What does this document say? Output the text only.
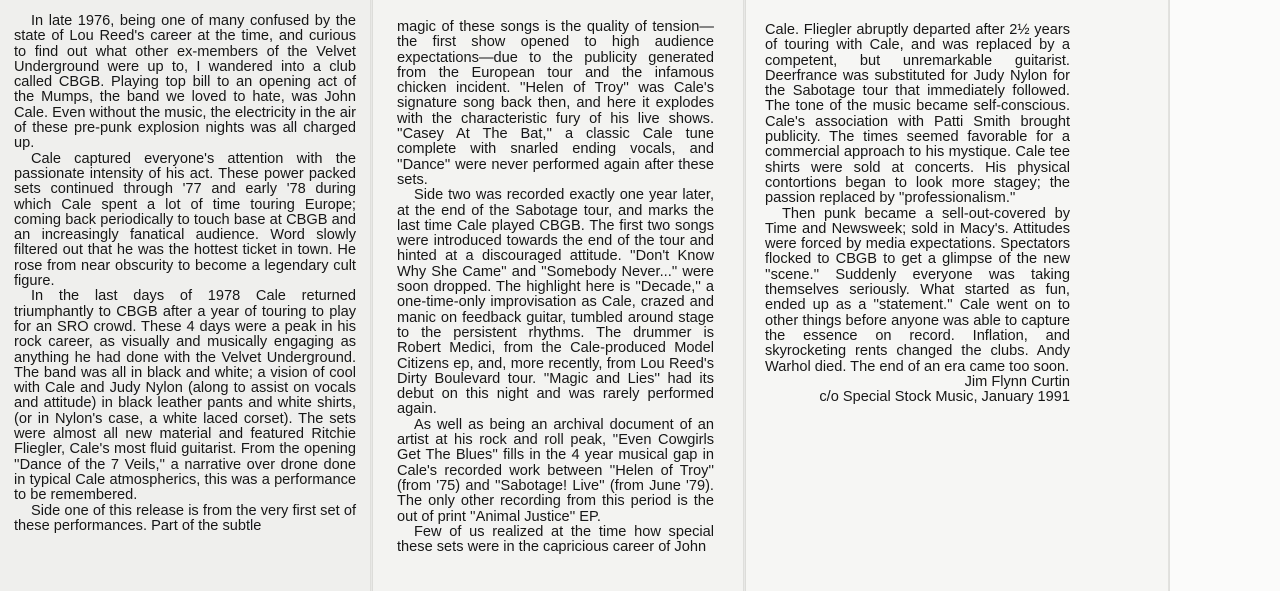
In late 1976, being one of many confused by the state of Lou Reed's career at the time, and curious to find out what other ex-members of the Velvet Underground were up to, I wandered into a club called CBGB. Playing top bill to an opening act of the Mumps, the band we loved to hate, was John Cale. Even without the music, the electricity in the air of these pre-punk explosion nights was all charged up.

Cale captured everyone's attention with the passionate intensity of his act. These power packed sets continued through '77 and early '78 during which Cale spent a lot of time touring Europe; coming back periodically to touch base at CBGB and an increasingly fanatical audience. Word slowly filtered out that he was the hottest ticket in town. He rose from near obscurity to become a legendary cult figure.

In the last days of 1978 Cale returned triumphantly to CBGB after a year of touring to play for an SRO crowd. These 4 days were a peak in his rock career, as visually and musically engaging as anything he had done with the Velvet Underground. The band was all in black and white; a vision of cool with Cale and Judy Nylon (along to assist on vocals and attitude) in black leather pants and white shirts, (or in Nylon's case, a white laced corset). The sets were almost all new material and featured Ritchie Fliegler, Cale's most fluid guitarist. From the opening ''Dance of the 7 Veils,'' a narrative over drone done in typical Cale atmospherics, this was a performance to be remembered.

Side one of this release is from the very first set of these performances. Part of the subtle

magic of these songs is the quality of tension— the first show opened to high audience expectations—due to the publicity generated from the European tour and the infamous chicken incident. ''Helen of Troy'' was Cale's signature song back then, and here it explodes with the characteristic fury of his live shows. ''Casey At The Bat,'' a classic Cale tune complete with snarled ending vocals, and ''Dance'' were never performed again after these sets.

Side two was recorded exactly one year later, at the end of the Sabotage tour, and marks the last time Cale played CBGB. The first two songs were introduced towards the end of the tour and hinted at a discouraged attitude. ''Don't Know Why She Came'' and ''Somebody Never...'' were soon dropped. The highlight here is ''Decade,'' a one-time-only improvisation as Cale, crazed and manic on feedback guitar, tumbled around stage to the persistent rhythms. The drummer is Robert Medici, from the Cale-produced Model Citizens ep, and, more recently, from Lou Reed's Dirty Boulevard tour. ''Magic and Lies'' had its debut on this night and was rarely performed again.

As well as being an archival document of an artist at his rock and roll peak, ''Even Cowgirls Get The Blues'' fills in the 4 year musical gap in Cale's recorded work between ''Helen of Troy'' (from '75) and ''Sabotage! Live'' (from June '79). The only other recording from this period is the out of print ''Animal Justice'' EP.

Few of us realized at the time how special these sets were in the capricious career of John

Cale. Fliegler abruptly departed after 2½ years of touring with Cale, and was replaced by a competent, but unremarkable guitarist. Deerfrance was substituted for Judy Nylon for the Sabotage tour that immediately followed. The tone of the music became self-conscious. Cale's association with Patti Smith brought publicity. The times seemed favorable for a commercial approach to his mystique. Cale tee shirts were sold at concerts. His physical contortions began to look more stagey; the passion replaced by ''professionalism.''

Then punk became a sell-out-covered by Time and Newsweek; sold in Macy's. Attitudes were forced by media expectations. Spectators flocked to CBGB to get a glimpse of the new ''scene.'' Suddenly everyone was taking themselves seriously. What started as fun, ended up as a ''statement.'' Cale went on to other things before anyone was able to capture the essence on record. Inflation, and skyrocketing rents changed the clubs. Andy Warhol died. The end of an era came too soon.

Jim Flynn Curtin

c/o Special Stock Music, January 1991
